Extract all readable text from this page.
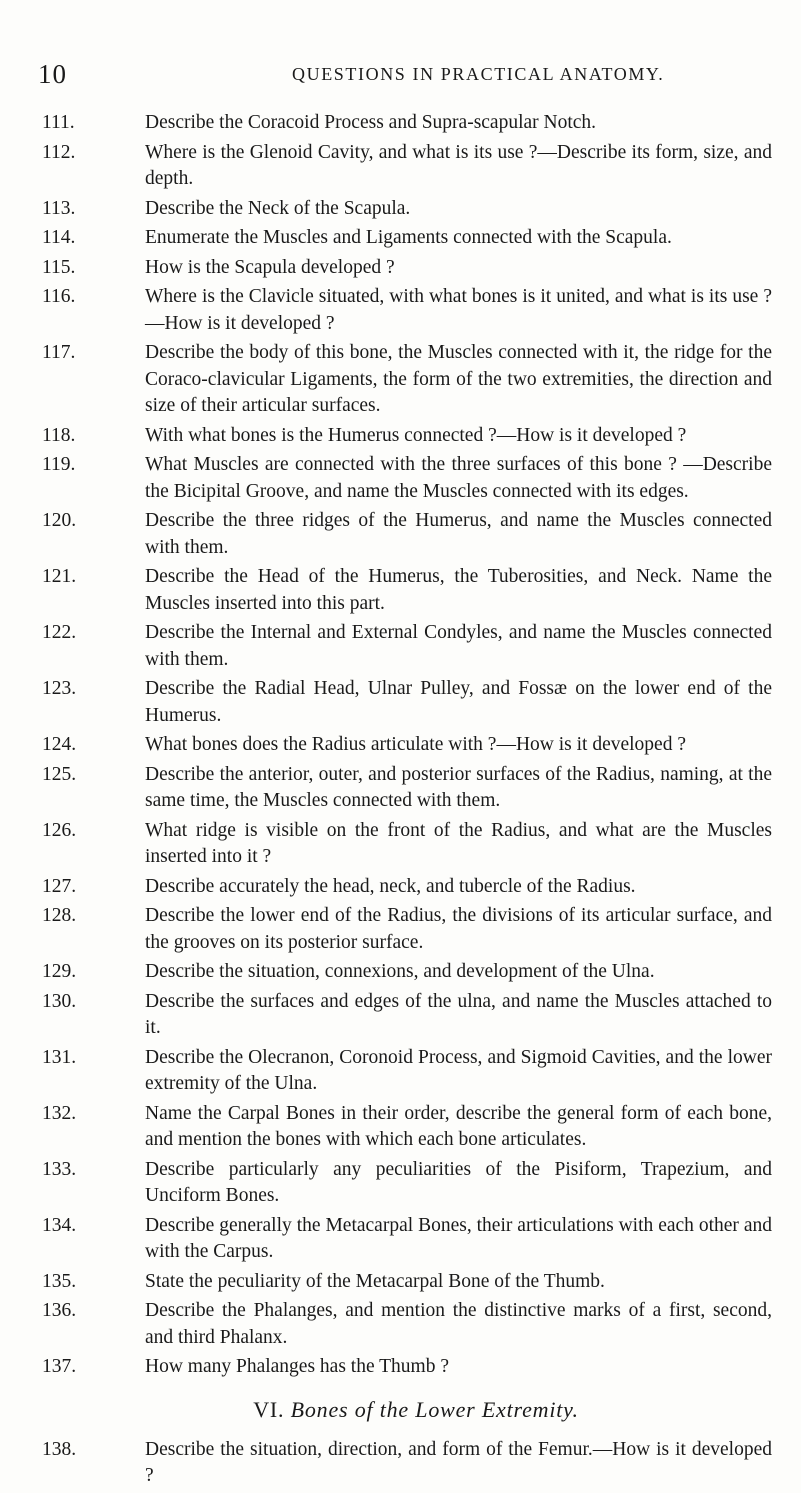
10	QUESTIONS IN PRACTICAL ANATOMY.
111.	Describe the Coracoid Process and Supra-scapular Notch.
112.	Where is the Glenoid Cavity, and what is its use ?—Describe its form, size, and depth.
113.	Describe the Neck of the Scapula.
114.	Enumerate the Muscles and Ligaments connected with the Scapula.
115.	How is the Scapula developed ?
116.	Where is the Clavicle situated, with what bones is it united, and what is its use ?—How is it developed ?
117.	Describe the body of this bone, the Muscles connected with it, the ridge for the Coraco-clavicular Ligaments, the form of the two extremities, the direction and size of their articular surfaces.
118.	With what bones is the Humerus connected ?—How is it developed ?
119.	What Muscles are connected with the three surfaces of this bone ? —Describe the Bicipital Groove, and name the Muscles connected with its edges.
120.	Describe the three ridges of the Humerus, and name the Muscles connected with them.
121.	Describe the Head of the Humerus, the Tuberosities, and Neck. Name the Muscles inserted into this part.
122.	Describe the Internal and External Condyles, and name the Muscles connected with them.
123.	Describe the Radial Head, Ulnar Pulley, and Fossæ on the lower end of the Humerus.
124.	What bones does the Radius articulate with ?—How is it developed ?
125.	Describe the anterior, outer, and posterior surfaces of the Radius, naming, at the same time, the Muscles connected with them.
126.	What ridge is visible on the front of the Radius, and what are the Muscles inserted into it ?
127.	Describe accurately the head, neck, and tubercle of the Radius.
128.	Describe the lower end of the Radius, the divisions of its articular surface, and the grooves on its posterior surface.
129.	Describe the situation, connexions, and development of the Ulna.
130.	Describe the surfaces and edges of the ulna, and name the Muscles attached to it.
131.	Describe the Olecranon, Coronoid Process, and Sigmoid Cavities, and the lower extremity of the Ulna.
132.	Name the Carpal Bones in their order, describe the general form of each bone, and mention the bones with which each bone articulates.
133.	Describe particularly any peculiarities of the Pisiform, Trapezium, and Unciform Bones.
134.	Describe generally the Metacarpal Bones, their articulations with each other and with the Carpus.
135.	State the peculiarity of the Metacarpal Bone of the Thumb.
136.	Describe the Phalanges, and mention the distinctive marks of a first, second, and third Phalanx.
137.	How many Phalanges has the Thumb ?
VI. Bones of the Lower Extremity.
138.	Describe the situation, direction, and form of the Femur.—How is it developed ?
